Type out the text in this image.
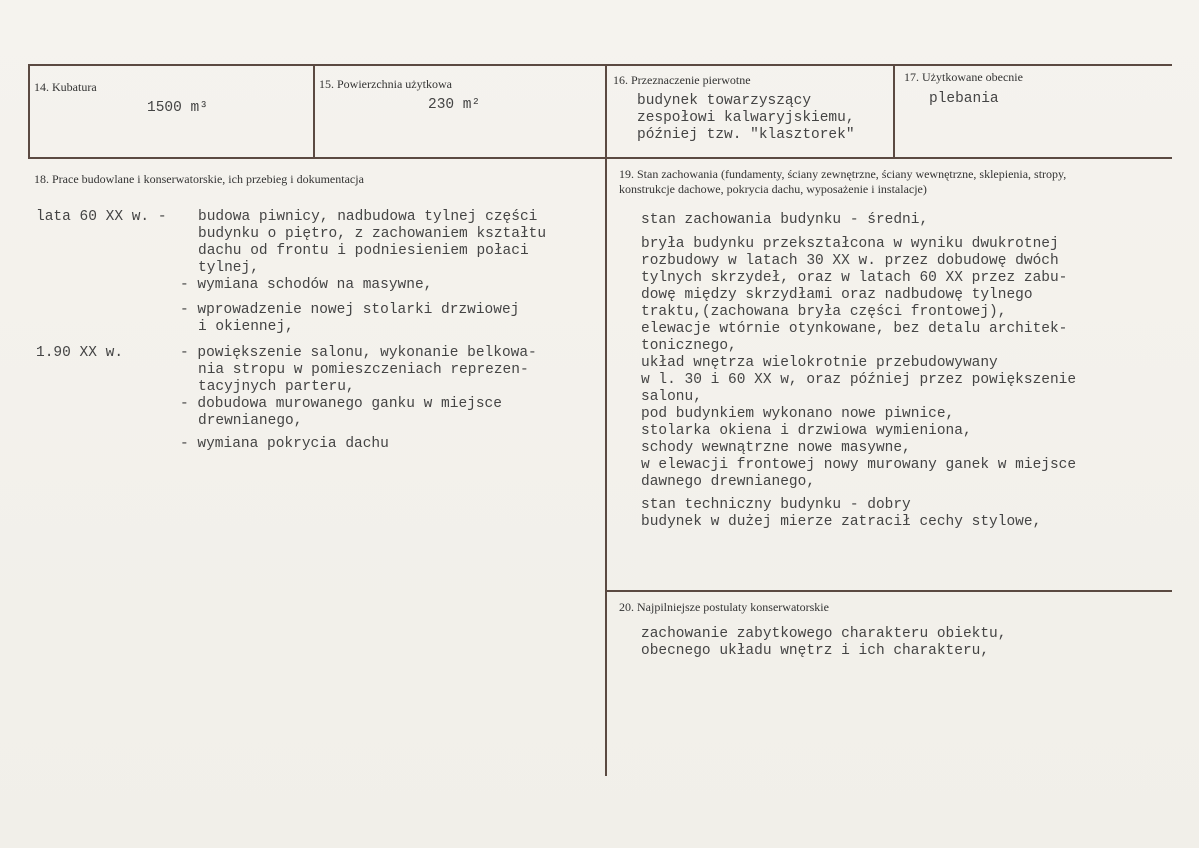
14. Kubatura
1500 m³
15. Powierzchnia użytkowa
230 m²
16. Przeznaczenie pierwotne
budynek towarzyszący
zespołowi kalwaryjskiemu,
później tzw. "klasztorek"
17. Użytkowane obecnie
plebania
18. Prace budowlane i konserwatorskie, ich przebieg i dokumentacja
lata 60 XX w. -
1.90 XX w.
budowa piwnicy, nadbudowa tylnej części
budynku o piętro, z zachowaniem kształtu
dachu od frontu i podniesieniem połaci
tylnej,
- wymiana schodów na masywne,
- wprowadzenie nowej stolarki drzwiowej
i okiennej,
- powiększenie salonu, wykonanie belkowa-
nia stropu w pomieszczeniach reprezen-
tacyjnych parteru,
- dobudowa murowanego ganku w miejsce
drewnianego,
- wymiana pokrycia dachu
19. Stan zachowania (fundamenty, ściany zewnętrzne, ściany wewnętrzne, sklepienia, stropy,
konstrukcje dachowe, pokrycia dachu, wyposażenie i instalacje)
stan zachowania budynku - średni,
bryła budynku przekształcona w wyniku dwukrotnej
rozbudowy w latach 30 XX w. przez dobudowę dwóch
tylnych skrzydeł, oraz w latach 60 XX przez zabu-
dowę między skrzydłami oraz nadbudowę tylnego
traktu,(zachowana bryła części frontowej),
elewacje wtórnie otynkowane, bez detalu architek-
tonicznego,
układ wnętrza wielokrotnie przebudowywany
w l. 30 i 60 XX w, oraz później przez powiększenie
salonu,
pod budynkiem wykonano nowe piwnice,
stolarka okiena i drzwiowa wymieniona,
schody wewnątrzne nowe masywne,
w elewacji frontowej nowy murowany ganek w miejsce
dawnego drewnianego,
stan techniczny budynku - dobry
budynek w dużej mierze zatracił cechy stylowe,
20. Najpilniejsze postulaty konserwatorskie
zachowanie zabytkowego charakteru obiektu,
obecnego układu wnętrz i ich charakteru,
